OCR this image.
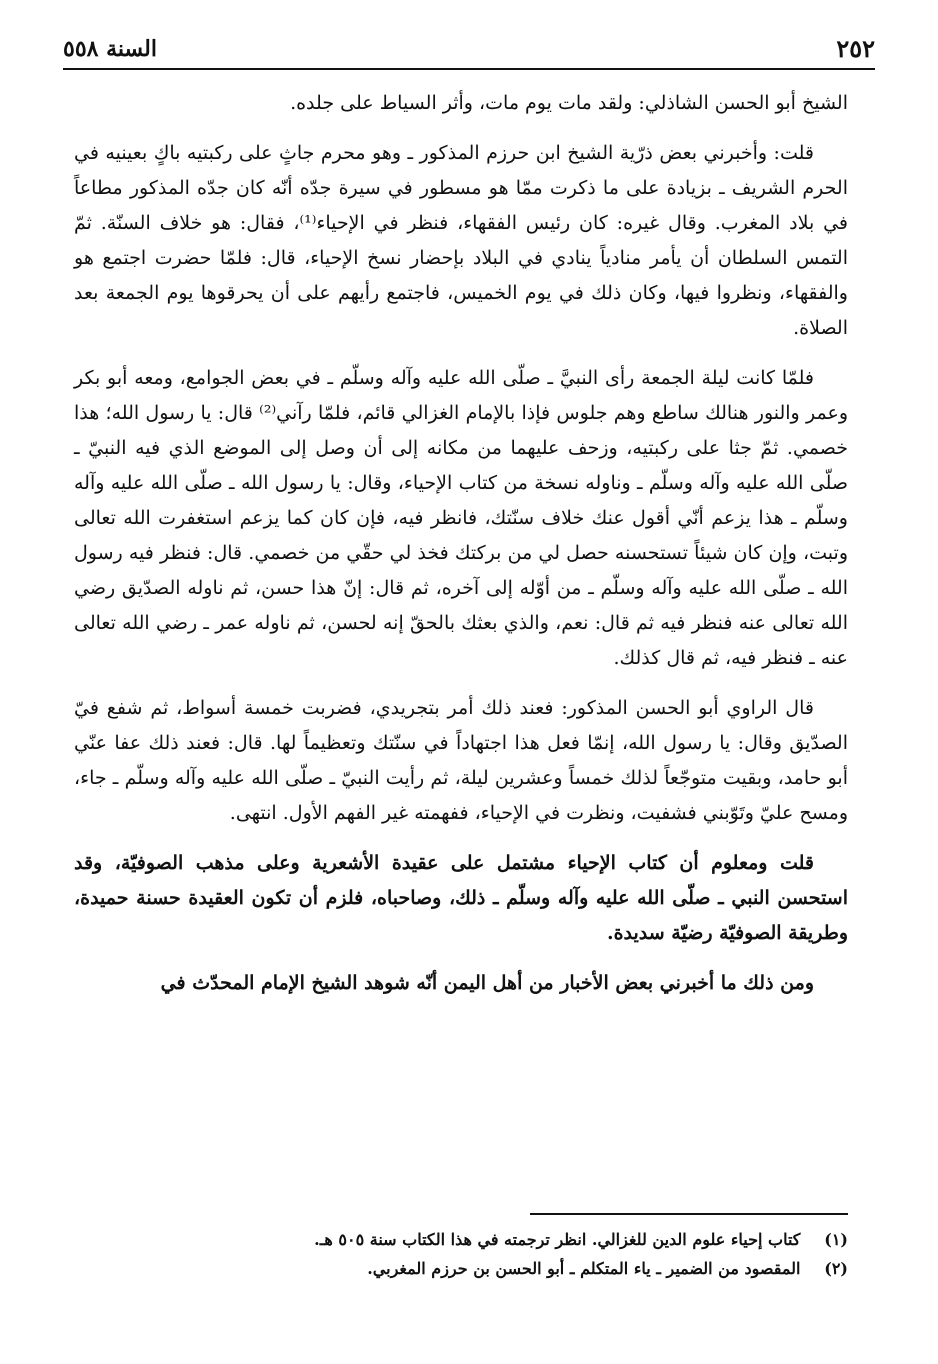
٢٥٢
السنة ٥٥٨

الشيخ أبو الحسن الشاذلي: ولقد مات يوم مات، وأثر السياط على جلده.

قلت: وأخبرني بعض ذرّية الشيخ ابن حرزم المذكور ـ وهو محرم جاثٍ على ركبتيه باكٍ بعينيه في الحرم الشريف ـ بزيادة على ما ذكرت ممّا هو مسطور في سيرة جدّه أنّه كان جدّه المذكور مطاعاً في بلاد المغرب. وقال غيره: كان رئيس الفقهاء، فنظر في الإحياء⁽¹⁾، فقال: هو خلاف السنّة. ثمّ التمس السلطان أن يأمر منادياً ينادي في البلاد بإحضار نسخ الإحياء، قال: فلمّا حضرت اجتمع هو والفقهاء، ونظروا فيها، وكان ذلك في يوم الخميس، فاجتمع رأيهم على أن يحرقوها يوم الجمعة بعد الصلاة.

فلمّا كانت ليلة الجمعة رأى النبيَّ ـ صلّى الله عليه وآله وسلّم ـ في بعض الجوامع، ومعه أبو بكر وعمر والنور هنالك ساطع وهم جلوس فإذا بالإمام الغزالي قائم، فلمّا رآني⁽²⁾ قال: يا رسول الله؛ هذا خصمي. ثمّ جثا على ركبتيه، وزحف عليهما من مكانه إلى أن وصل إلى الموضع الذي فيه النبيّ ـ صلّى الله عليه وآله وسلّم ـ وناوله نسخة من كتاب الإحياء، وقال: يا رسول الله ـ صلّى الله عليه وآله وسلّم ـ هذا يزعم أنّي أقول عنك خلاف سنّتك، فانظر فيه، فإن كان كما يزعم استغفرت الله تعالى وتبت، وإن كان شيئاً تستحسنه حصل لي من بركتك فخذ لي حقّي من خصمي. قال: فنظر فيه رسول الله ـ صلّى الله عليه وآله وسلّم ـ من أوّله إلى آخره، ثم قال: إنّ هذا حسن، ثم ناوله الصدّيق رضي الله تعالى عنه فنظر فيه ثم قال: نعم، والذي بعثك بالحقّ إنه لحسن، ثم ناوله عمر ـ رضي الله تعالى عنه ـ فنظر فيه، ثم قال كذلك.

قال الراوي أبو الحسن المذكور: فعند ذلك أمر بتجريدي، فضربت خمسة أسواط، ثم شفع فيّ الصدّيق وقال: يا رسول الله، إنمّا فعل هذا اجتهاداً في سنّتك وتعظيماً لها. قال: فعند ذلك عفا عنّي أبو حامد، وبقيت متوجّعاً لذلك خمساً وعشرين ليلة، ثم رأيت النبيّ ـ صلّى الله عليه وآله وسلّم ـ جاء، ومسح عليّ وتَوّبني فشفيت، ونظرت في الإحياء، ففهمته غير الفهم الأول. انتهى.

قلت ومعلوم أن كتاب الإحياء مشتمل على عقيدة الأشعرية وعلى مذهب الصوفيّة، وقد استحسن النبي ـ صلّى الله عليه وآله وسلّم ـ ذلك، وصاحباه، فلزم أن تكون العقيدة حسنة حميدة، وطريقة الصوفيّة رضيّة سديدة.

ومن ذلك ما أخبرني بعض الأخبار من أهل اليمن أنّه شوهد الشيخ الإمام المحدّث في

(١) كتاب إحياء علوم الدين للغزالي. انظر ترجمته في هذا الكتاب سنة ٥٠٥ هـ.
(٢) المقصود من الضمير ـ ياء المتكلم ـ أبو الحسن بن حرزم المغربي.
